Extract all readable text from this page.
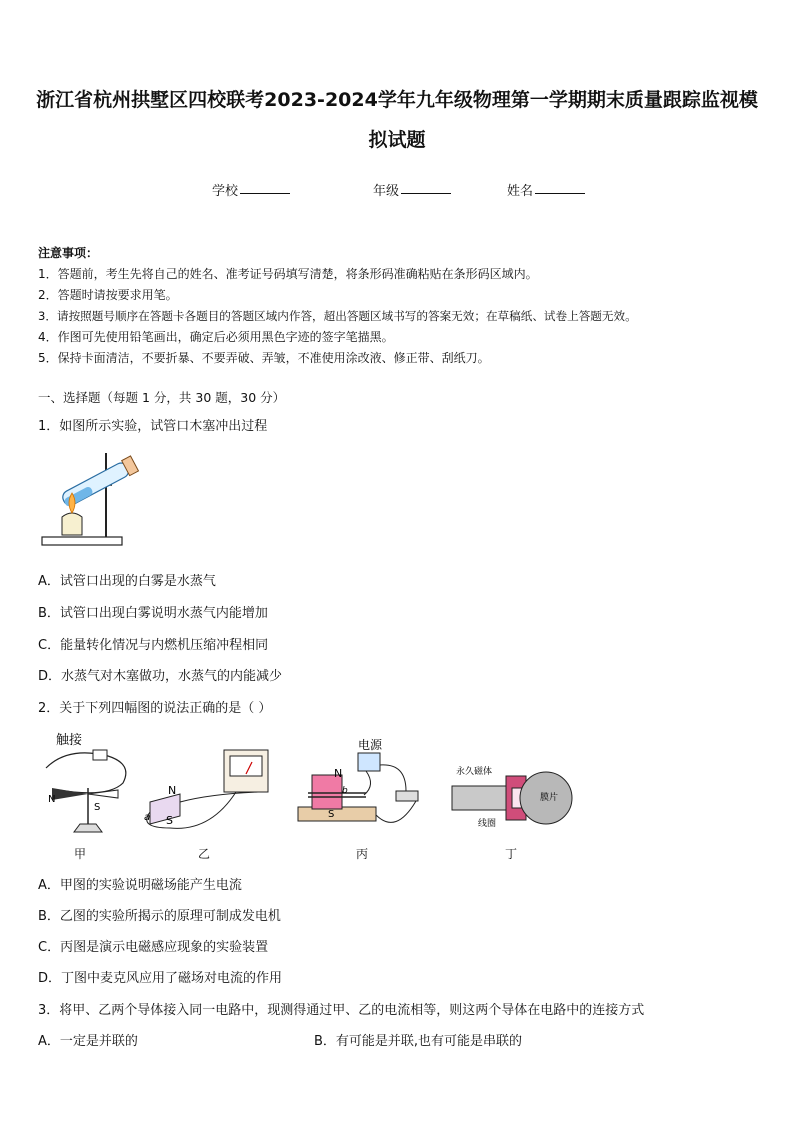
浙江省杭州拱墅区四校联考2023-2024学年九年级物理第一学期期末质量跟踪监视模
拟试题
学校	年级	姓名
注意事项：
1．答题前，考生先将自己的姓名、准考证号码填写清楚，将条形码准确粘贴在条形码区域内。
2．答题时请按要求用笔。
3．请按照题号顺序在答题卡各题目的答题区域内作答，超出答题区域书写的答案无效；在草稿纸、试卷上答题无效。
4．作图可先使用铅笔画出，确定后必须用黑色字迹的签字笔描黑。
5．保持卡面清洁，不要折暴、不要弄破、弄皱，不准使用涂改液、修正带、刮纸刀。
一、选择题（每题 1 分，共 30 题，30 分）
1．如图所示实验，试管口木塞冲出过程
A．试管口出现的白雾是水蒸气
B．试管口出现白雾说明水蒸气内能增加
C．能量转化情况与内燃机压缩冲程相同
D．水蒸气对木塞做功，水蒸气的内能减少
2．关于下列四幅图的说法正确的是（ ）
触接
N
S
N
S
a
电源
N
S
b
永久磁体
膜片
线圈
甲	乙	丙	丁
A．甲图的实验说明磁场能产生电流
B．乙图的实验所揭示的原理可制成发电机
C．丙图是演示电磁感应现象的实验装置
D．丁图中麦克风应用了磁场对电流的作用
3．将甲、乙两个导体接入同一电路中，现测得通过甲、乙的电流相等，则这两个导体在电路中的连接方式
A．一定是并联的	B．有可能是并联,也有可能是串联的
